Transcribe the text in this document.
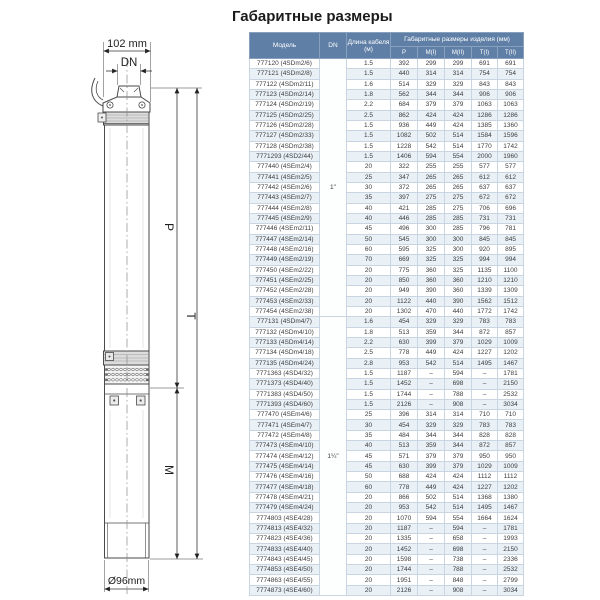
Габаритные размеры
102 mm
DN
P
T
M
Ø96mm
Модель	DN	Длина кабеля (м)	Габаритные размеры изделия (мм)				
			P	M(I)	M(II)	T(I)	T(II)
777120 (4SDm2/6)	1"	1.5	392	299	299	691	691
777121 (4SDm2/8)		1.5	440	314	314	754	754
777122 (4SDm2/11)		1.6	514	329	329	843	843
777123 (4SDm2/14)		1.8	562	344	344	906	906
777124 (4SDm2/19)		2.2	684	379	379	1063	1063
777125 (4SDm2/25)		2.5	862	424	424	1286	1286
777126 (4SDm2/28)		1.5	936	449	424	1385	1360
777127 (4SDm2/33)		1.5	1082	502	514	1584	1596
777128 (4SDm2/38)		1.5	1228	542	514	1770	1742
7771293 (4SD2/44)		1.5	1406	594	554	2000	1960
777440 (4SEm2/4)		20	322	255	255	577	577
777441 (4SEm2/5)		25	347	265	265	612	612
777442 (4SEm2/6)		30	372	265	265	637	637
777443 (4SEm2/7)		35	397	275	275	672	672
777444 (4SEm2/8)		40	421	285	275	706	696
777445 (4SEm2/9)		40	446	285	285	731	731
777446 (4SEm2/11)		45	496	300	285	796	781
777447 (4SEm2/14)		50	545	300	300	845	845
777448 (4SEm2/16)		60	595	325	300	920	895
777449 (4SEm2/19)		70	669	325	325	994	994
777450 (4SEm2/22)		20	775	360	325	1135	1100
777451 (4SEm2/25)		20	850	360	360	1210	1210
777452 (4SEm2/28)		20	949	390	360	1339	1309
777453 (4SEm2/33)		20	1122	440	390	1562	1512
777454 (4SEm2/38)		20	1302	470	440	1772	1742
777131 (4SDm4/7)	1¼"	1.6	454	329	329	783	783
777132 (4SDm4/10)		1.8	513	359	344	872	857
777133 (4SDm4/14)		2.2	630	399	379	1029	1009
777134 (4SDm4/18)		2.5	778	449	424	1227	1202
777135 (4SDm4/24)		2.8	953	542	514	1495	1467
7771363 (4SD4/32)		1.5	1187	–	594	–	1781
7771373 (4SD4/40)		1.5	1452	–	698	–	2150
7771383 (4SD4/50)		1.5	1744	–	788	–	2532
7771393 (4SD4/60)		1.5	2126	–	908	–	3034
777470 (4SEm4/6)		25	396	314	314	710	710
777471 (4SEm4/7)		30	454	329	329	783	783
777472 (4SEm4/8)		35	484	344	344	828	828
777473 (4SEm4/10)		40	513	359	344	872	857
777474 (4SEm4/12)		45	571	379	379	950	950
777475 (4SEm4/14)		45	630	399	379	1029	1009
777476 (4SEm4/16)		50	688	424	424	1112	1112
777477 (4SEm4/18)		60	778	449	424	1227	1202
777478 (4SEm4/21)		20	866	502	514	1368	1380
777479 (4SEm4/24)		20	953	542	514	1495	1467
7774803 (4SE4/28)		20	1070	594	554	1664	1624
7774813 (4SE4/32)		20	1187	–	594	–	1781
7774823 (4SE4/36)		20	1335	–	658	–	1993
7774833 (4SE4/40)		20	1452	–	698	–	2150
7774843 (4SE4/45)		20	1598	–	738	–	2336
7774853 (4SE4/50)		20	1744	–	788	–	2532
7774863 (4SE4/55)		20	1951	–	848	–	2799
7774873 (4SE4/60)		20	2126	–	908	–	3034
